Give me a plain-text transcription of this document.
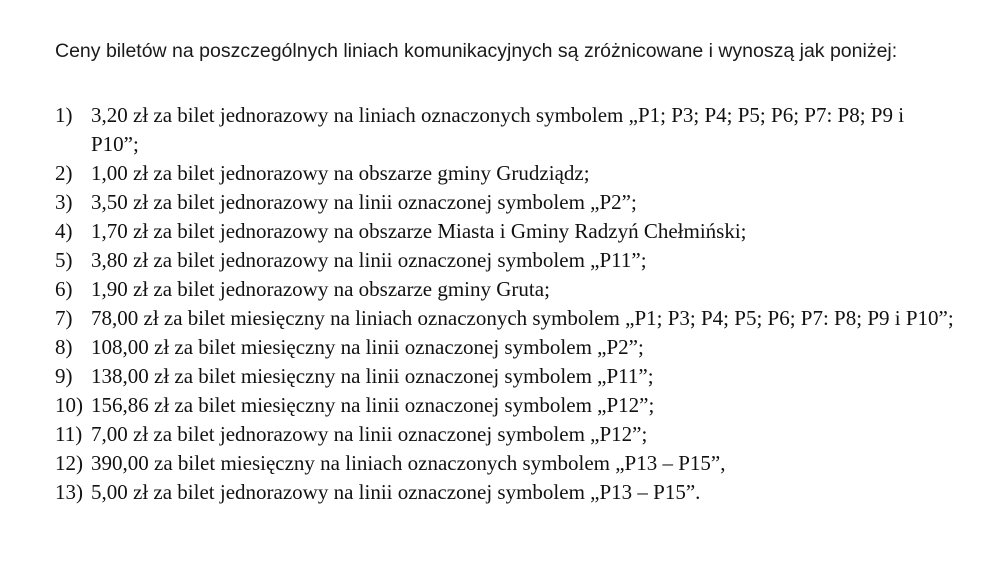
Ceny biletów na poszczególnych liniach komunikacyjnych są zróżnicowane i wynoszą jak poniżej:

1) 3,20 zł za bilet jednorazowy na liniach oznaczonych symbolem „P1; P3; P4; P5; P6; P7: P8; P9 i P10”;
2) 1,00 zł za bilet jednorazowy na obszarze gminy Grudziądz;
3) 3,50 zł za bilet jednorazowy na linii oznaczonej symbolem „P2”;
4) 1,70 zł za bilet jednorazowy na obszarze Miasta i Gminy Radzyń Chełmiński;
5) 3,80 zł za bilet jednorazowy na linii oznaczonej symbolem „P11”;
6) 1,90 zł za bilet jednorazowy na obszarze gminy Gruta;
7) 78,00 zł za bilet miesięczny na liniach oznaczonych symbolem „P1; P3; P4; P5; P6; P7: P8; P9 i P10”;
8) 108,00 zł za bilet miesięczny na linii oznaczonej symbolem „P2”;
9) 138,00 zł za bilet miesięczny na linii oznaczonej symbolem „P11”;
10) 156,86 zł za bilet miesięczny na linii oznaczonej symbolem „P12”;
11) 7,00 zł za bilet jednorazowy na linii oznaczonej symbolem „P12”;
12) 390,00 za bilet miesięczny na liniach oznaczonych symbolem „P13 – P15”,
13) 5,00 zł za bilet jednorazowy na linii oznaczonej symbolem „P13 – P15”.
